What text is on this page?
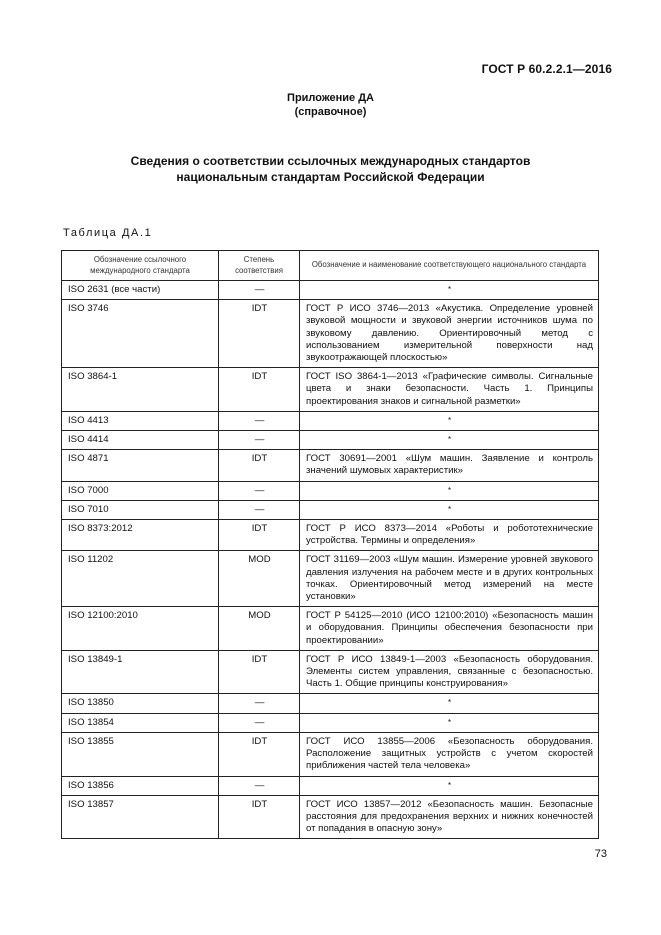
ГОСТ Р 60.2.2.1—2016
Приложение ДА
(справочное)
Сведения о соответствии ссылочных международных стандартов
национальным стандартам Российской Федерации
Таблица ДА.1
Обозначение ссылочного международного стандарта	Степень соответствия	Обозначение и наименование соответствующего национального стандарта
ISO 2631 (все части)	—	*
ISO 3746	IDT	ГОСТ Р ИСО 3746—2013 «Акустика. Определение уровней звуковой мощности и звуковой энергии источников шума по звуковому давлению. Ориентировочный метод с использованием измерительной поверхности над звукоотражающей плоскостью»
ISO 3864-1	IDT	ГОСТ ISO 3864-1—2013 «Графические символы. Сигнальные цвета и знаки безопасности. Часть 1. Принципы проектирования знаков и сигнальной разметки»
ISO 4413	—	*
ISO 4414	—	*
ISO 4871	IDT	ГОСТ 30691—2001 «Шум машин. Заявление и контроль значений шумовых характеристик»
ISO 7000	—	*
ISO 7010	—	*
ISO 8373:2012	IDT	ГОСТ Р ИСО 8373—2014 «Роботы и робототехнические устройства. Термины и определения»
ISO 11202	MOD	ГОСТ 31169—2003 «Шум машин. Измерение уровней звукового давления излучения на рабочем месте и в других контрольных точках. Ориентировочный метод измерений на месте установки»
ISO 12100:2010	MOD	ГОСТ Р 54125—2010 (ИСО 12100:2010) «Безопасность машин и оборудования. Принципы обеспечения безопасности при проектировании»
ISO 13849-1	IDT	ГОСТ Р ИСО 13849-1—2003 «Безопасность оборудования. Элементы систем управления, связанные с безопасностью. Часть 1. Общие принципы конструирования»
ISO 13850	—	*
ISO 13854	—	*
ISO 13855	IDT	ГОСТ ИСО 13855—2006 «Безопасность оборудования. Расположение защитных устройств с учетом скоростей приближения частей тела человека»
ISO 13856	—	*
ISO 13857	IDT	ГОСТ ИСО 13857—2012 «Безопасность машин. Безопасные расстояния для предохранения верхних и нижних конечностей от попадания в опасную зону»
73
